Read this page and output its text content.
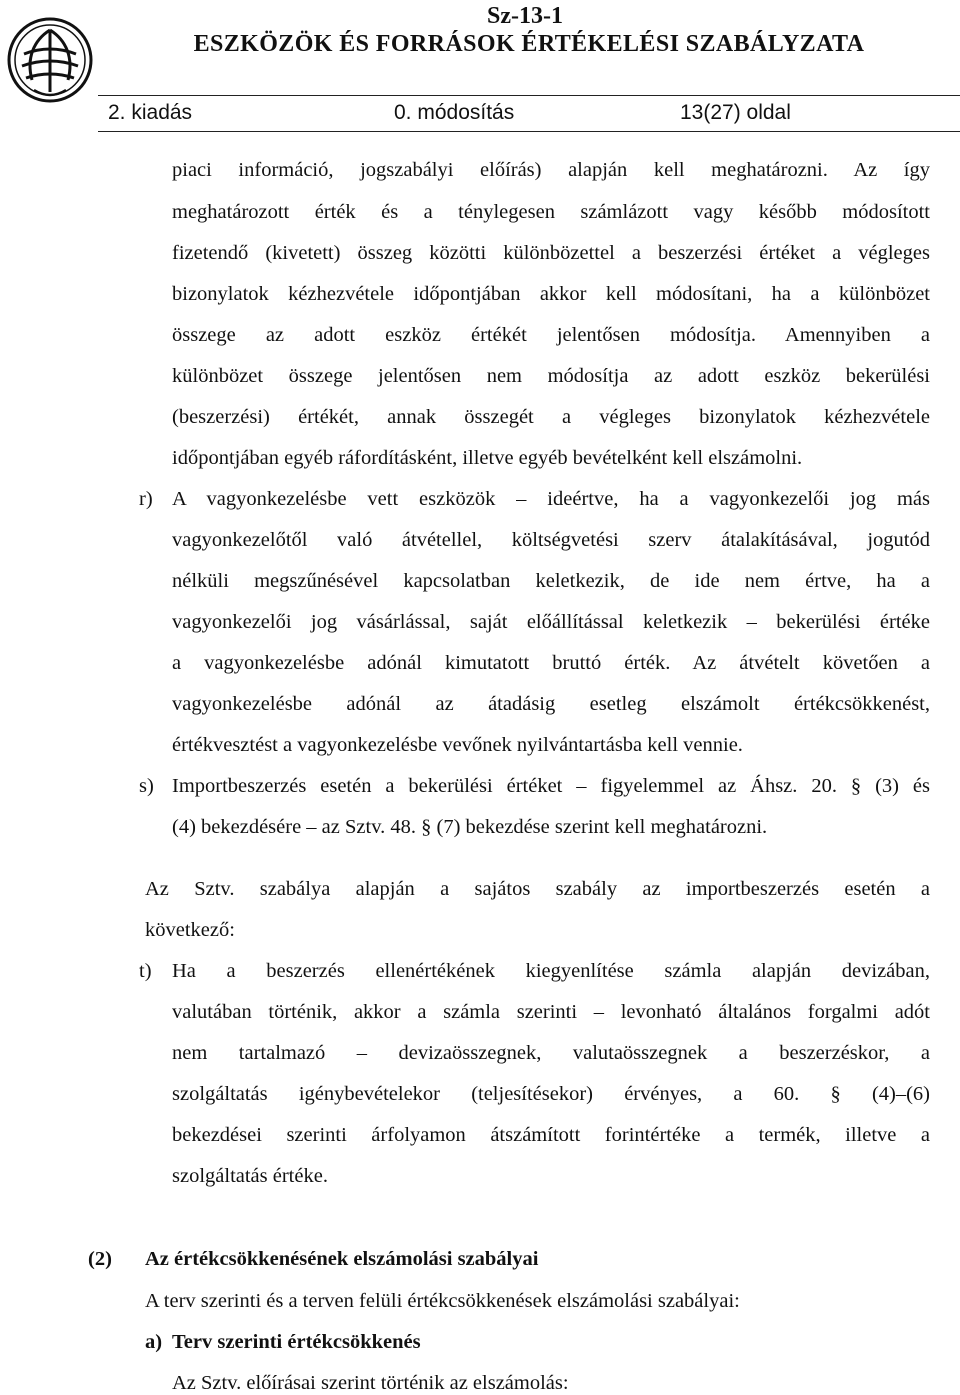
Sz-13-1
ESZKÖZÖK ÉS FORRÁSOK ÉRTÉKELÉSI SZABÁLYZATA
2. kiadás	0. módosítás	13(27) oldal
piaci információ, jogszabályi előírás) alapján kell meghatározni. Az így
meghatározott érték és a ténylegesen számlázott vagy később módosított
fizetendő (kivetett) összeg közötti különbözettel a beszerzési értéket a végleges
bizonylatok kézhezvétele időpontjában akkor kell módosítani, ha a különbözet
összege az adott eszköz értékét jelentősen módosítja. Amennyiben a
különbözet összege jelentősen nem módosítja az adott eszköz bekerülési
(beszerzési) értékét, annak összegét a végleges bizonylatok kézhezvétele
időpontjában egyéb ráfordításként, illetve egyéb bevételként kell elszámolni.
r) A vagyonkezelésbe vett eszközök – ideértve, ha a vagyonkezelői jog más
vagyonkezelőtől való átvétellel, költségvetési szerv átalakításával, jogutód
nélküli megszűnésével kapcsolatban keletkezik, de ide nem értve, ha a
vagyonkezelői jog vásárlással, saját előállítással keletkezik – bekerülési értéke
a vagyonkezelésbe adónál kimutatott bruttó érték. Az átvételt követően a
vagyonkezelésbe adónál az átadásig esetleg elszámolt értékcsökkenést,
értékvesztést a vagyonkezelésbe vevőnek nyilvántartásba kell vennie.
s) Importbeszerzés esetén a bekerülési értéket – figyelemmel az Áhsz. 20. § (3) és
(4) bekezdésére – az Sztv. 48. § (7) bekezdése szerint kell meghatározni.
Az Sztv. szabálya alapján a sajátos szabály az importbeszerzés esetén a
következő:
t) Ha a beszerzés ellenértékének kiegyenlítése számla alapján devizában,
valutában történik, akkor a számla szerinti – levonható általános forgalmi adót
nem tartalmazó – devizaösszegnek, valutaösszegnek a beszerzéskor, a
szolgáltatás igénybevételekor (teljesítésekor) érvényes, a 60. § (4)–(6)
bekezdései szerinti árfolyamon átszámított forintértéke a termék, illetve a
szolgáltatás értéke.
(2) Az értékcsökkenésének elszámolási szabályai
A terv szerinti és a terven felüli értékcsökkenések elszámolási szabályai:
a) Terv szerinti értékcsökkenés
Az Sztv. előírásai szerint történik az elszámolás:
